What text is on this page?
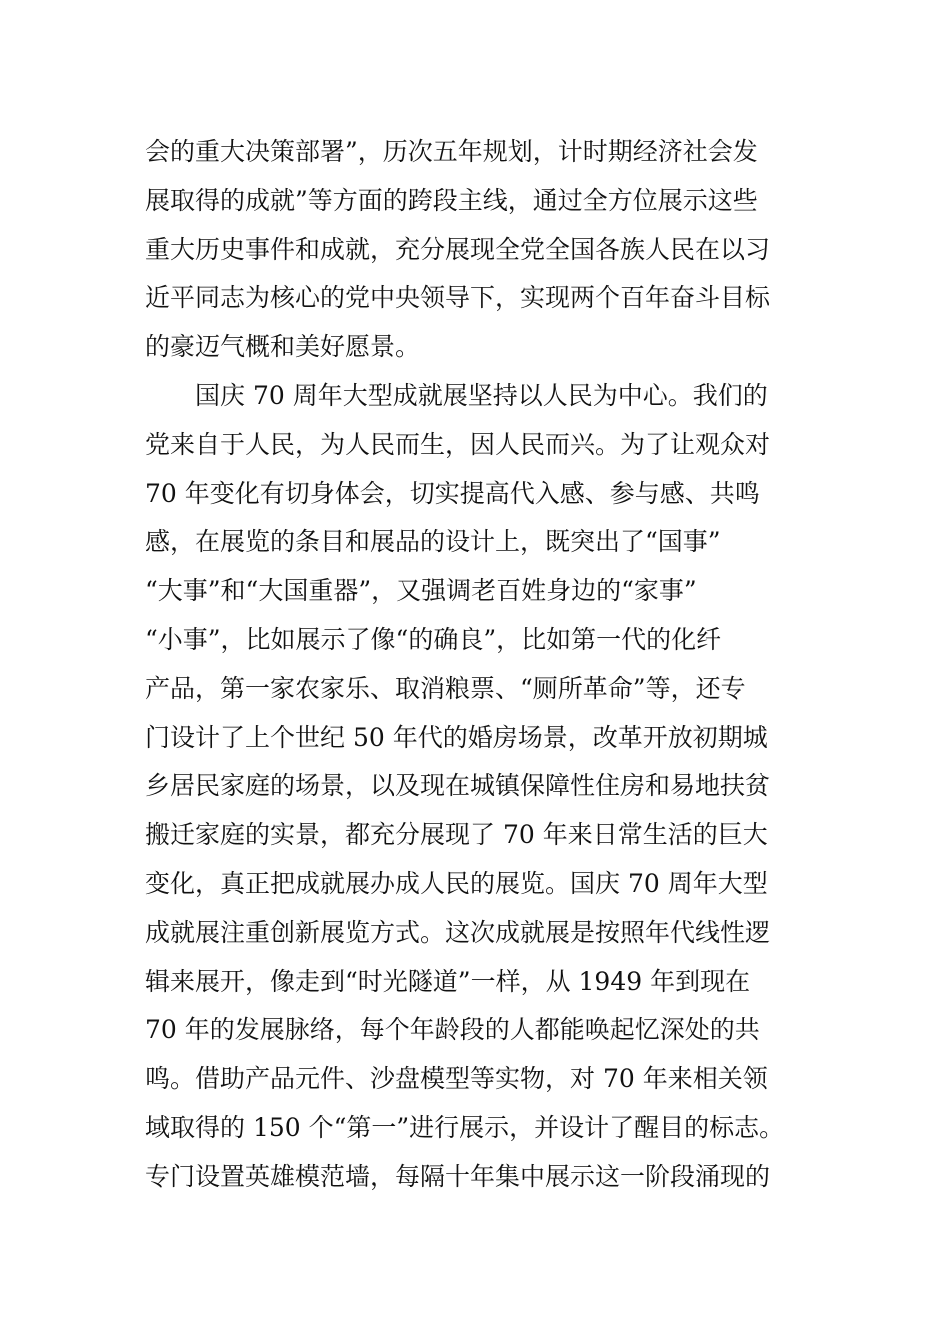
会的重大决策部署”，历次五年规划，计时期经济社会发
展取得的成就”等方面的跨段主线，通过全方位展示这些
重大历史事件和成就，充分展现全党全国各族人民在以习
近平同志为核心的党中央领导下，实现两个百年奋斗目标
的豪迈气概和美好愿景。
国庆 70 周年大型成就展坚持以人民为中心。我们的
党来自于人民，为人民而生，因人民而兴。为了让观众对
70 年变化有切身体会，切实提高代入感、参与感、共鸣
感，在展览的条目和展品的设计上，既突出了“国事”
“大事”和“大国重器”，又强调老百姓身边的“家事”
“小事”，比如展示了像“的确良”，比如第一代的化纤
产品，第一家农家乐、取消粮票、“厕所革命”等，还专
门设计了上个世纪 50 年代的婚房场景，改革开放初期城
乡居民家庭的场景，以及现在城镇保障性住房和易地扶贫
搬迁家庭的实景，都充分展现了 70 年来日常生活的巨大
变化，真正把成就展办成人民的展览。国庆 70 周年大型
成就展注重创新展览方式。这次成就展是按照年代线性逻
辑来展开，像走到“时光隧道”一样，从 1949 年到现在
70 年的发展脉络，每个年龄段的人都能唤起忆深处的共
鸣。借助产品元件、沙盘模型等实物，对 70 年来相关领
域取得的 150 个“第一”进行展示，并设计了醒目的标志。
专门设置英雄模范墙，每隔十年集中展示这一阶段涌现的
